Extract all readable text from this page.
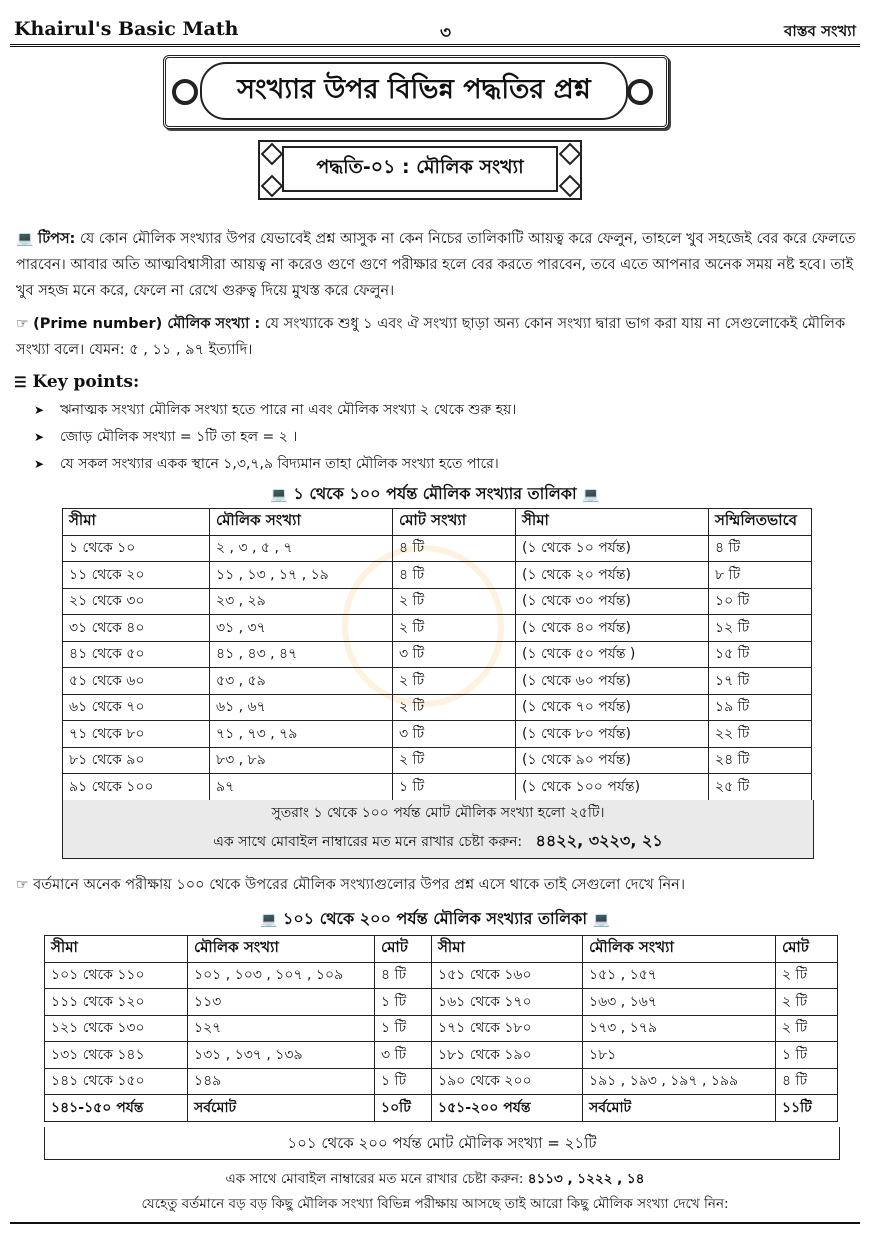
Khairul's Basic Math	৩	বাস্তব সংখ্যা
সংখ্যার উপর বিভিন্ন পদ্ধতির প্রশ্ন
পদ্ধতি-০১ : মৌলিক সংখ্যা
💻 টিপস: যে কোন মৌলিক সংখ্যার উপর যেভাবেই প্রশ্ন আসুক না কেন নিচের তালিকাটি আয়ত্ব করে ফেলুন, তাহলে খুব সহজেই বের করে ফেলতে পারবেন। আবার অতি আত্মবিশ্বাসীরা আয়ত্ব না করেও গুণে গুণে পরীক্ষার হলে বের করতে পারবেন, তবে এতে আপনার অনেক সময় নষ্ট হবে। তাই খুব সহজ মনে করে, ফেলে না রেখে গুরুত্ব দিয়ে মুখস্ত করে ফেলুন।
☞ (Prime number) মৌলিক সংখ্যা : যে সংখ্যাকে শুধু ১ এবং ঐ সংখ্যা ছাড়া অন্য কোন সংখ্যা দ্বারা ভাগ করা যায় না সেগুলোকেই মৌলিক সংখ্যা বলে। যেমন: ৫ , ১১ , ৯৭ ইত্যাদি।
☰ Key points:
➤ ঋনাত্মক সংখ্যা মৌলিক সংখ্যা হতে পারে না এবং মৌলিক সংখ্যা ২ থেকে শুরু হয়।
➤ জোড় মৌলিক সংখ্যা = ১টি তা হল = ২ ।
➤ যে সকল সংখ্যার একক স্থানে ১,৩,৭,৯ বিদ্যমান তাহা মৌলিক সংখ্যা হতে পারে।
💻 ১ থেকে ১০০ পর্যন্ত মৌলিক সংখ্যার তালিকা 💻
সীমা	মৌলিক সংখ্যা	মোট সংখ্যা	সীমা	সম্মিলিতভাবে
১ থেকে ১০	২ , ৩ , ৫ , ৭	৪ টি	(১ থেকে ১০ পর্যন্ত)	৪ টি
১১ থেকে ২০	১১ , ১৩ , ১৭ , ১৯	৪ টি	(১ থেকে ২০ পর্যন্ত)	৮ টি
২১ থেকে ৩০	২৩ , ২৯	২ টি	(১ থেকে ৩০ পর্যন্ত)	১০ টি
৩১ থেকে ৪০	৩১ , ৩৭	২ টি	(১ থেকে ৪০ পর্যন্ত)	১২ টি
৪১ থেকে ৫০	৪১ , ৪৩ , ৪৭	৩ টি	(১ থেকে ৫০ পর্যন্ত )	১৫ টি
৫১ থেকে ৬০	৫৩ , ৫৯	২ টি	(১ থেকে ৬০ পর্যন্ত)	১৭ টি
৬১ থেকে ৭০	৬১ , ৬৭	২ টি	(১ থেকে ৭০ পর্যন্ত)	১৯ টি
৭১ থেকে ৮০	৭১ , ৭৩ , ৭৯	৩ টি	(১ থেকে ৮০ পর্যন্ত)	২২ টি
৮১ থেকে ৯০	৮৩ , ৮৯	২ টি	(১ থেকে ৯০ পর্যন্ত)	২৪ টি
৯১ থেকে ১০০	৯৭	১ টি	(১ থেকে ১০০ পর্যন্ত)	২৫ টি
সুতরাং ১ থেকে ১০০ পর্যন্ত মোট মৌলিক সংখ্যা হলো ২৫টি।
এক সাথে মোবাইল নাম্বারের মত মনে রাখার চেষ্টা করুন: ৪৪২২, ৩২২৩, ২১
☞ বর্তমানে অনেক পরীক্ষায় ১০০ থেকে উপরের মৌলিক সংখ্যাগুলোর উপর প্রশ্ন এসে থাকে তাই সেগুলো দেখে নিন।
💻 ১০১ থেকে ২০০ পর্যন্ত মৌলিক সংখ্যার তালিকা 💻
সীমা	মৌলিক সংখ্যা	মোট	সীমা	মৌলিক সংখ্যা	মোট
১০১ থেকে ১১০	১০১ , ১০৩ , ১০৭ , ১০৯	৪ টি	১৫১ থেকে ১৬০	১৫১ , ১৫৭	২ টি
১১১ থেকে ১২০	১১৩	১ টি	১৬১ থেকে ১৭০	১৬৩ , ১৬৭	২ টি
১২১ থেকে ১৩০	১২৭	১ টি	১৭১ থেকে ১৮০	১৭৩ , ১৭৯	২ টি
১৩১ থেকে ১৪১	১৩১ , ১৩৭ , ১৩৯	৩ টি	১৮১ থেকে ১৯০	১৮১	১ টি
১৪১ থেকে ১৫০	১৪৯	১ টি	১৯০ থেকে ২০০	১৯১ , ১৯৩ , ১৯৭ , ১৯৯	৪ টি
১৪১-১৫০ পর্যন্ত	সর্বমোট	১০টি	১৫১-২০০ পর্যন্ত	সর্বমোট	১১টি
১০১ থেকে ২০০ পর্যন্ত মোট মৌলিক সংখ্যা = ২১টি
এক সাথে মোবাইল নাম্বারের মত মনে রাখার চেষ্টা করুন: ৪১১৩ , ১২২২ , ১৪
যেহেতু বর্তমানে বড় বড় কিছু মৌলিক সংখ্যা বিভিন্ন পরীক্ষায় আসছে তাই আরো কিছু মৌলিক সংখ্যা দেখে নিন:
